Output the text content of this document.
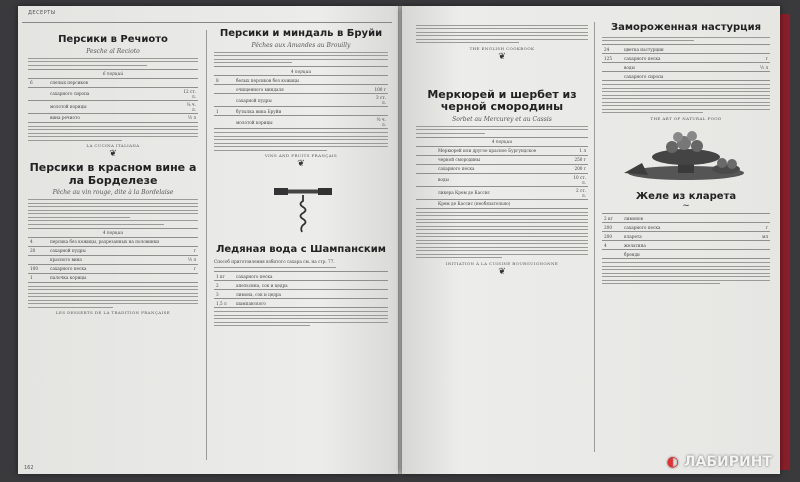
ДЕСЕРТЫ
Персики в Речиото
Pesche al Recioto
6 порций		
6	спелых персиков	
	сахарного сиропа	12 ст. л.
	молотой корицы	¼ ч. л.
	вина речиото	½ л
LA CUCINA ITALIANA
❦
Персики в красном вине а ла Борделезе
Pêche au vin rouge, dite à la Bordelaise
4 порции		
4	персика без кожицы, разрезанных на половинки	
20	сахарной пудры	г
	красного вина	½ л
100	сахарного песка	г
1	палочка корицы	
LES DESSERTS DE LA TRADITION FRANÇAISE
Персики и миндаль в Бруйи
Pêches aux Amandes au Brouilly
4 порции		
8	белых персиков без кожицы	
	очищенного миндаля	100 г
	сахарной пудры	3 ст. л.
1	бутылка вина Бруйи	
	молотой корицы	½ ч. л.
VINS AND FRUITS FRANÇAIS
❦
Ледяная вода с Шампанским
Способ приготовления взбитого сахара см. на стр. 77.
1 кг	сахарного песка	
2	апельсина, сок и цедра	
3	лимона, сок и цедра	
1,5 л	шампанского	
162
THE ENGLISH COOKBOOK
❦
Меркюрей и шербет из черной смородины
Sorbet au Mercurey et au Cassis
4 порции		
	Меркюрей или другое красное Бургундское	1 л
	черной смородины	250 г
	сахарного песка	200 г
	воды	10 ст. л.
	ликера Крем де Кассис	2 ст. л.
	Крем де Кассис (необязательно)	
INITIATION À LA CUISINE BOURGUIGNONNE
❦
Замороженная настурция
24	цветка настурции	
125	сахарного песка	г
	воды	½ л
	сахарного сиропа	
THE ART OF NATURAL FOOD
Желе из кларета
~
2 кг	лимонов	
200	сахарного песка	г
200	кларета	мл
4	желатина	
	бренди	
◐ ЛАБИРИНТ
